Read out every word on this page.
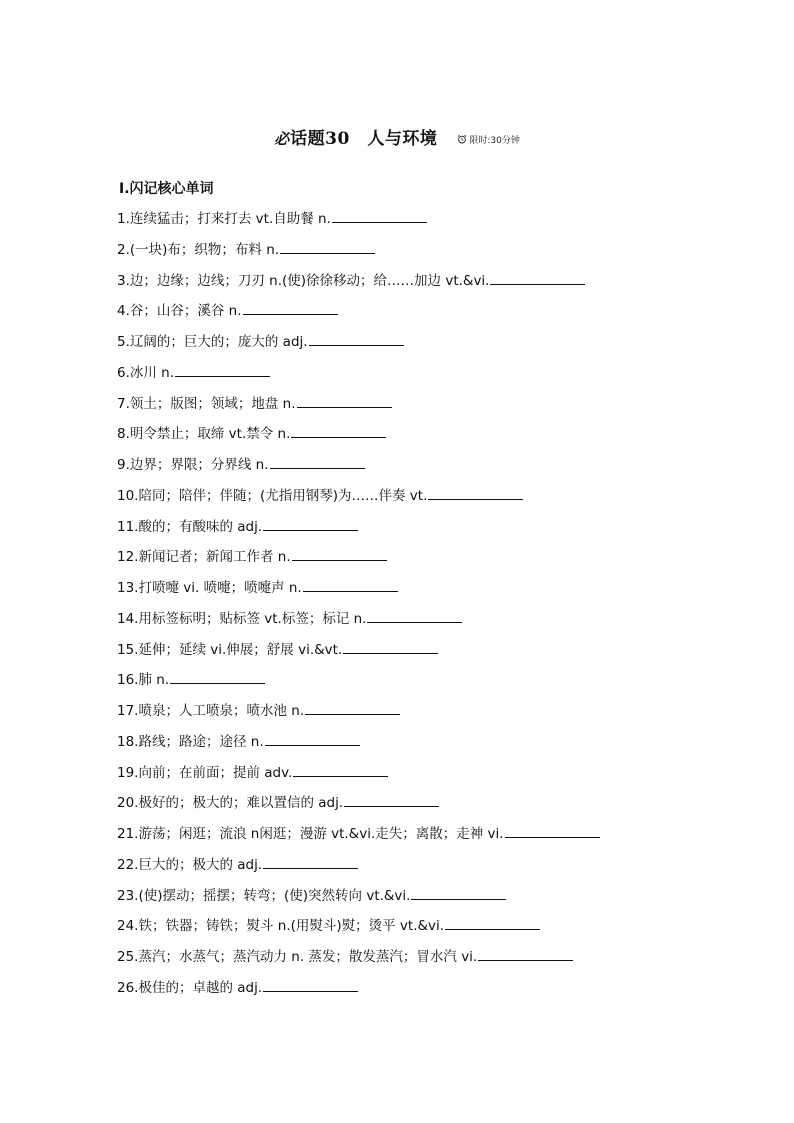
必 话题30　人与环境	限时:30分钟
Ⅰ.闪记核心单词
1.连续猛击；打来打去 vt.自助餐 n.
2.(一块)布；织物；布料 n.
3.边；边缘；边线；刀刃 n.(使)徐徐移动；给……加边 vt.&vi.
4.谷；山谷；溪谷 n.
5.辽阔的；巨大的；庞大的 adj.
6.冰川 n.
7.领土；版图；领域；地盘 n.
8.明令禁止；取缔 vt.禁令 n.
9.边界；界限；分界线 n.
10.陪同；陪伴；伴随；(尤指用钢琴)为……伴奏 vt.
11.酸的；有酸味的 adj.
12.新闻记者；新闻工作者 n.
13.打喷嚏 vi. 喷嚏；喷嚏声 n.
14.用标签标明；贴标签 vt.标签；标记 n.
15.延伸；延续 vi.伸展；舒展 vi.&vt.
16.肺 n.
17.喷泉；人工喷泉；喷水池 n.
18.路线；路途；途径 n.
19.向前；在前面；提前 adv.
20.极好的；极大的；难以置信的 adj.
21.游荡；闲逛；流浪 n闲逛；漫游 vt.&vi.走失；离散；走神 vi.
22.巨大的；极大的 adj.
23.(使)摆动；摇摆；转弯；(使)突然转向 vt.&vi.
24.铁；铁器；铸铁；熨斗 n.(用熨斗)熨；烫平 vt.&vi.
25.蒸汽；水蒸气；蒸汽动力 n. 蒸发；散发蒸汽；冒水汽 vi.
26.极佳的；卓越的 adj.
